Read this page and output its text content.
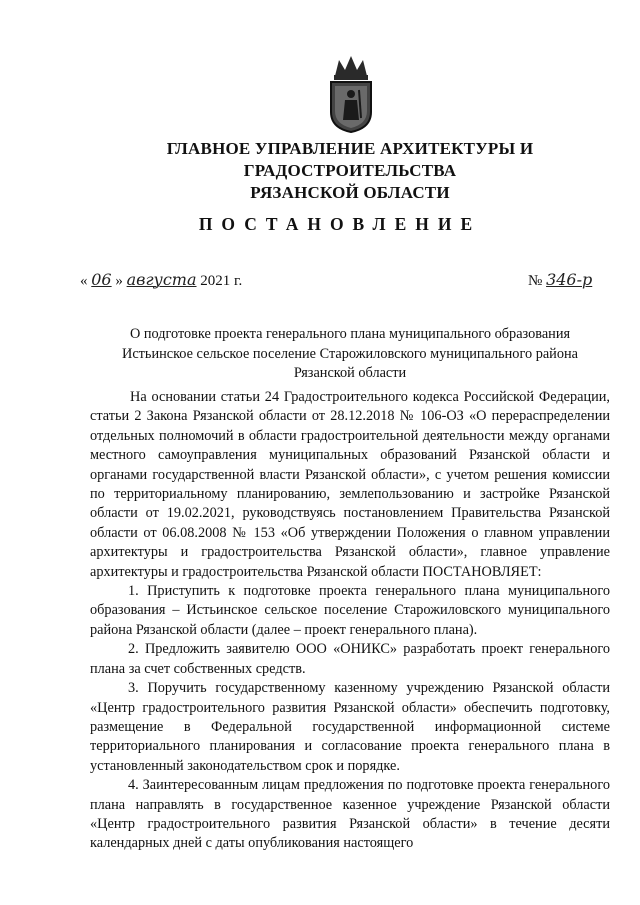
ГЛАВНОЕ УПРАВЛЕНИЕ АРХИТЕКТУРЫ И ГРАДОСТРОИТЕЛЬСТВА
РЯЗАНСКОЙ ОБЛАСТИ
ПОСТАНОВЛЕНИЕ
« 06 » августа 2021 г.	№ 346-р
О подготовке проекта генерального плана муниципального образования
Истьинское сельское поселение Старожиловского муниципального района
Рязанской области

На основании статьи 24 Градостроительного кодекса Российской Федерации, статьи 2 Закона Рязанской области от 28.12.2018 № 106-ОЗ «О перераспределении отдельных полномочий в области градостроительной деятельности между органами местного самоуправления муниципальных образований Рязанской области и органами государственной власти Рязанской области», с учетом решения комиссии по территориальному планированию, землепользованию и застройке Рязанской области от 19.02.2021, руководствуясь постановлением Правительства Рязанской области от 06.08.2008 № 153 «Об утверждении Положения о главном управлении архитектуры и градостроительства Рязанской области», главное управление архитектуры и градостроительства Рязанской области ПОСТАНОВЛЯЕТ:

1. Приступить к подготовке проекта генерального плана муниципального образования – Истьинское сельское поселение Старожиловского муниципального района Рязанской области (далее – проект генерального плана).

2. Предложить заявителю ООО «ОНИКС» разработать проект генерального плана за счет собственных средств.

3. Поручить государственному казенному учреждению Рязанской области «Центр градостроительного развития Рязанской области» обеспечить подготовку, размещение в Федеральной государственной информационной системе территориального планирования и согласование проекта генерального плана в установленный законодательством срок и порядке.

4. Заинтересованным лицам предложения по подготовке проекта генерального плана направлять в государственное казенное учреждение Рязанской области «Центр градостроительного развития Рязанской области» в течение десяти календарных дней с даты опубликования настоящего
